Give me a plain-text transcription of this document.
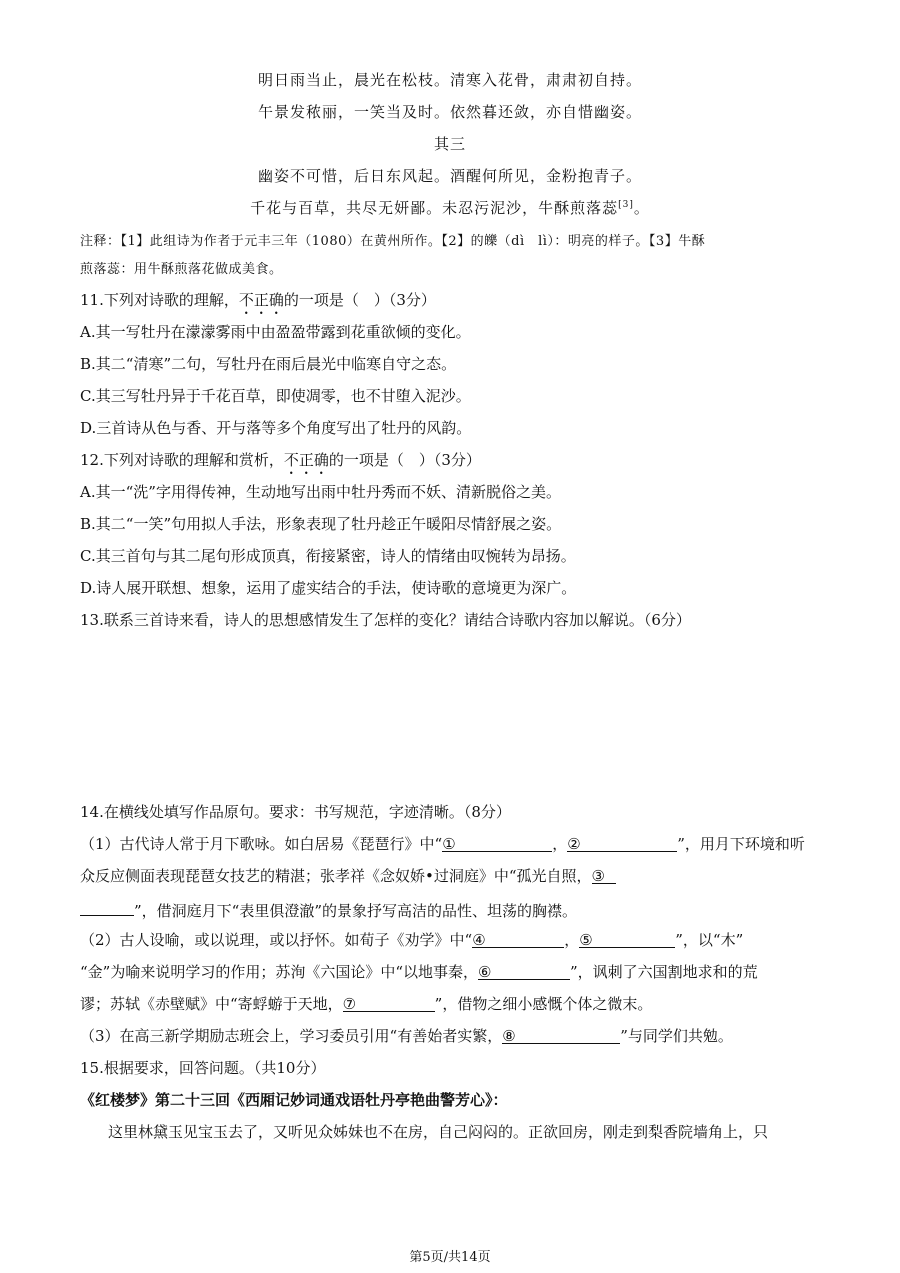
明日雨当止，晨光在松枝。清寒入花骨，肃肃初自持。
午景发秾丽，一笑当及时。依然暮还敛，亦自惜幽姿。
其三
幽姿不可惜，后日东风起。酒醒何所见，金粉抱青子。
千花与百草，共尽无妍鄙。未忍污泥沙，牛酥煎落蕊[3]。
注释：【1】此组诗为作者于元丰三年（1080）在黄州所作。【2】的皪（dì　lì）：明亮的样子。【3】牛酥
煎落蕊：用牛酥煎落花做成美食。
11.下列对诗歌的理解，不正确的一项是（　）（3分）
A.其一写牡丹在濛濛雾雨中由盈盈带露到花重欲倾的变化。
B.其二“清寒”二句，写牡丹在雨后晨光中临寒自守之态。
C.其三写牡丹异于千花百草，即使凋零，也不甘堕入泥沙。
D.三首诗从色与香、开与落等多个角度写出了牡丹的风韵。
12.下列对诗歌的理解和赏析，不正确的一项是（　）（3分）
A.其一“洗”字用得传神，生动地写出雨中牡丹秀而不妖、清新脱俗之美。
B.其二“一笑”句用拟人手法，形象表现了牡丹趁正午暖阳尽情舒展之姿。
C.其三首句与其二尾句形成顶真，衔接紧密，诗人的情绪由叹惋转为昂扬。
D.诗人展开联想、想象，运用了虚实结合的手法，使诗歌的意境更为深广。
13.联系三首诗来看，诗人的思想感情发生了怎样的变化？请结合诗歌内容加以解说。（6分）
14.在横线处填写作品原句。要求：书写规范，字迹清晰。（8分）
（1）古代诗人常于月下歌咏。如白居易《琵琶行》中“①	，②	”，用月下环境和听
众反应侧面表现琵琶女技艺的精湛；张孝祥《念奴娇•过洞庭》中“孤光自照，③
”，借洞庭月下“表里俱澄澈”的景象抒写高洁的品性、坦荡的胸襟。
（2）古人设喻，或以说理，或以抒怀。如荀子《劝学》中“④	，⑤	”，以“木”
“金”为喻来说明学习的作用；苏洵《六国论》中“以地事秦，⑥	”，讽刺了六国割地求和的荒
谬；苏轼《赤壁赋》中“寄蜉蝣于天地，⑦	”，借物之细小感慨个体之微末。
（3）在高三新学期励志班会上，学习委员引用“有善始者实繁，⑧	”与同学们共勉。
15.根据要求，回答问题。（共10分）
《红楼梦》第二十三回《西厢记妙词通戏语牡丹亭艳曲警芳心》：
这里林黛玉见宝玉去了，又听见众姊妹也不在房，自己闷闷的。正欲回房，刚走到梨香院墙角上，只
第5页/共14页
